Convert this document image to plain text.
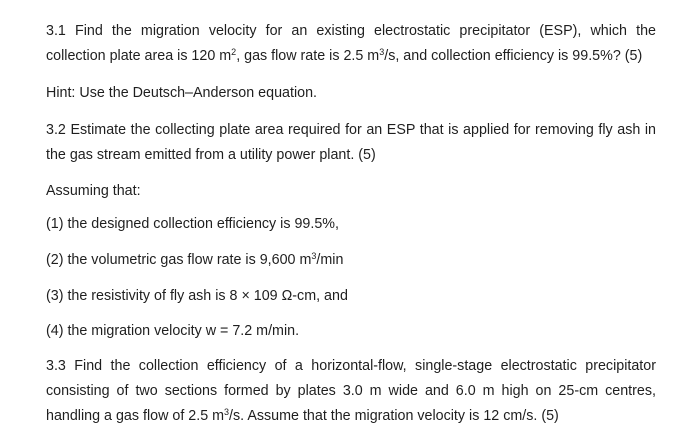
3.1 Find the migration velocity for an existing electrostatic precipitator (ESP), which the
collection plate area is 120 $m^2$, gas flow rate is 2.5 $m^3/s$, and collection efficiency is 99.5%? (5)
Hint: Use the Deutsch–Anderson equation.
3.2 Estimate the collecting plate area required for an ESP that is applied for removing fly ash in
the gas stream emitted from a utility power plant. (5)
Assuming that:
(1) the designed collection efficiency is 99.5%,
(2) the volumetric gas flow rate is 9,600 $m^3/\min$
(3) the resistivity of fly ash is 8 × 109 Ω-cm, and
(4) the migration velocity w = 7.2 m/min.
3.3 Find the collection efficiency of a horizontal-flow, single-stage electrostatic precipitator
consisting of two sections formed by plates 3.0 m wide and 6.0 m high on 25-cm centres,
handling a gas flow of 2.5 $m^3/s$. Assume that the migration velocity is 12 cm/s. (5)
